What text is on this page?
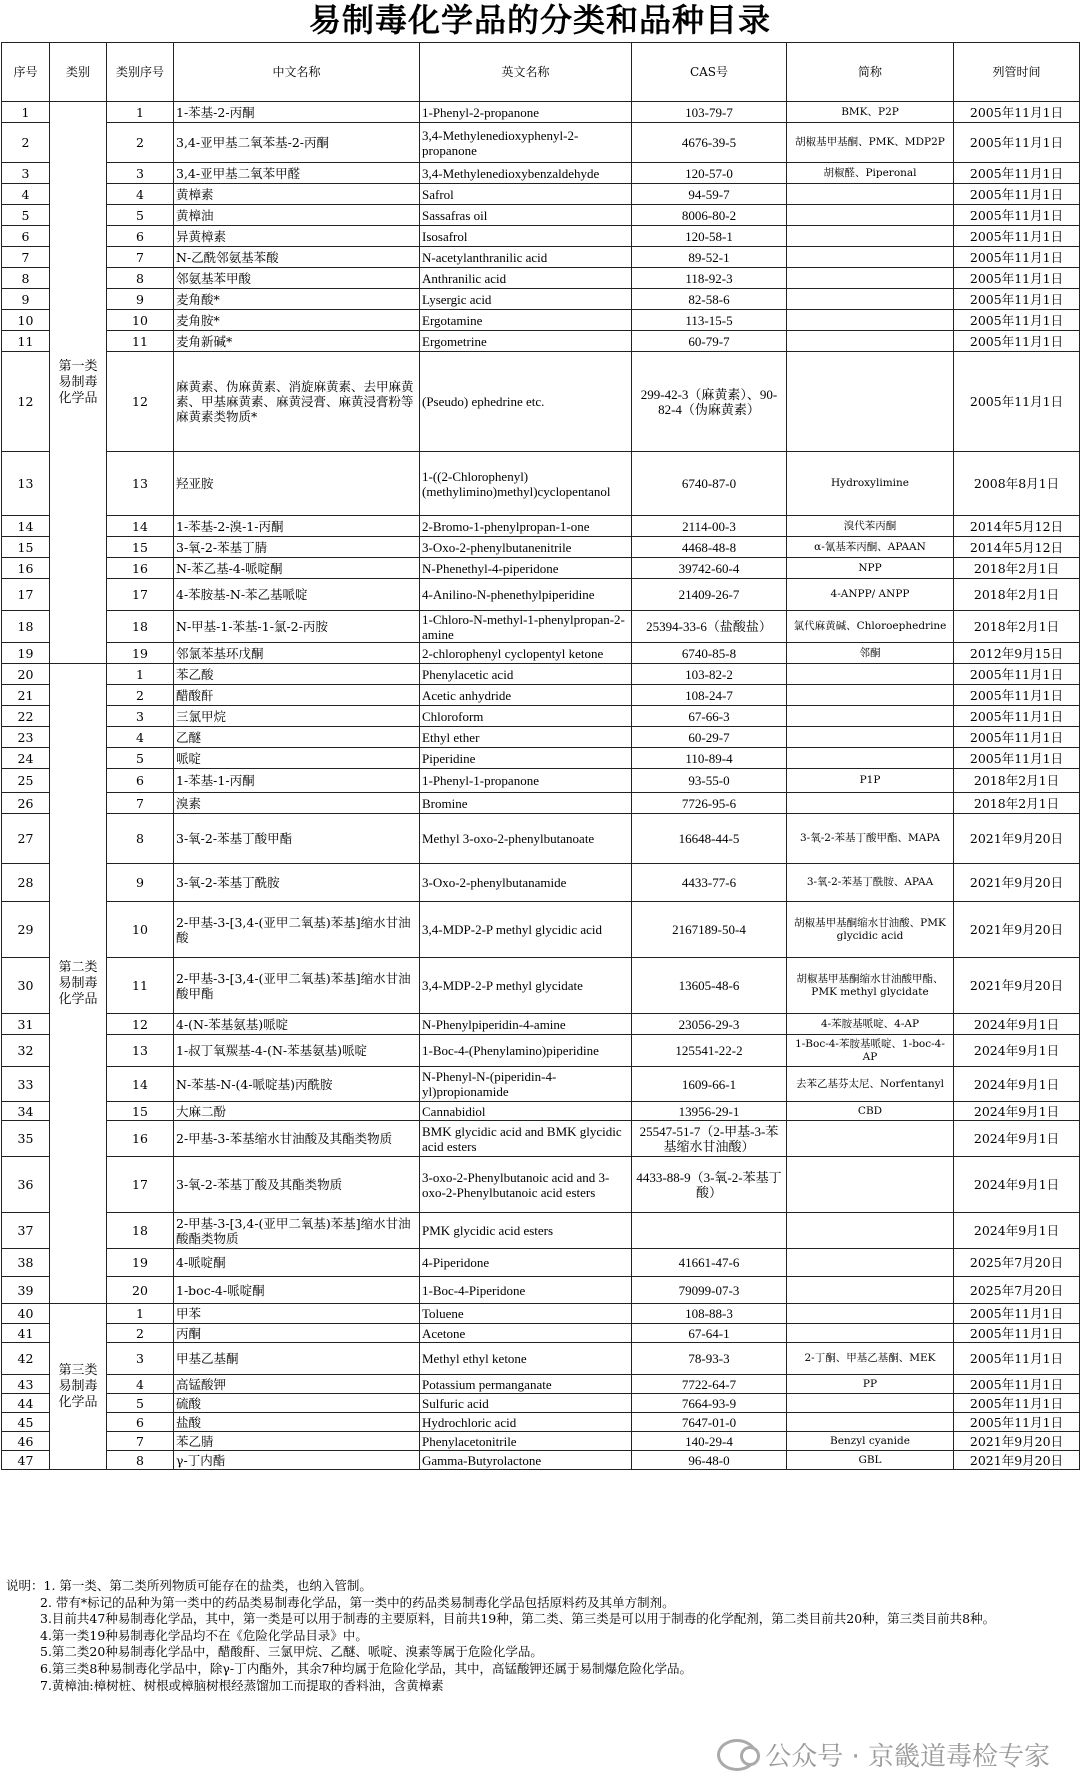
易制毒化学品的分类和品种目录
序号	类别	类别序号	中文名称	英文名称	CAS号	简称	列管时间
1	第一类易制毒化学品	1	1-苯基-2-丙酮	1-Phenyl-2-propanone	103-79-7	BMK、P2P	2005年11月1日
2		2	3,4-亚甲基二氧苯基-2-丙酮	3,4-Methylenedioxyphenyl-2-propanone	4676-39-5	胡椒基甲基酮、PMK、MDP2P	2005年11月1日
3		3	3,4-亚甲基二氧苯甲醛	3,4-Methylenedioxybenzaldehyde	120-57-0	胡椒醛、Piperonal	2005年11月1日
4		4	黄樟素	Safrol	94-59-7		2005年11月1日
5		5	黄樟油	Sassafras oil	8006-80-2		2005年11月1日
6		6	异黄樟素	Isosafrol	120-58-1		2005年11月1日
7		7	N-乙酰邻氨基苯酸	N-acetylanthranilic acid	89-52-1		2005年11月1日
8		8	邻氨基苯甲酸	Anthranilic acid	118-92-3		2005年11月1日
9		9	麦角酸*	Lysergic acid	82-58-6		2005年11月1日
10		10	麦角胺*	Ergotamine	113-15-5		2005年11月1日
11		11	麦角新碱*	Ergometrine	60-79-7		2005年11月1日
12		12	麻黄素、伪麻黄素、消旋麻黄素、去甲麻黄素、甲基麻黄素、麻黄浸膏、麻黄浸膏粉等麻黄素类物质*	(Pseudo) ephedrine etc.	299-42-3（麻黄素）、90-82-4（伪麻黄素）		2005年11月1日
13		13	羟亚胺	1-((2-Chlorophenyl)(methylimino)methyl)cyclopentanol	6740-87-0	Hydroxylimine	2008年8月1日
14		14	1-苯基-2-溴-1-丙酮	2-Bromo-1-phenylpropan-1-one	2114-00-3	溴代苯丙酮	2014年5月12日
15		15	3-氧-2-苯基丁腈	3-Oxo-2-phenylbutanenitrile	4468-48-8	α-氰基苯丙酮、APAAN	2014年5月12日
16		16	N-苯乙基-4-哌啶酮	N-Phenethyl-4-piperidone	39742-60-4	NPP	2018年2月1日
17		17	4-苯胺基-N-苯乙基哌啶	4-Anilino-N-phenethylpiperidine	21409-26-7	4-ANPP/ ANPP	2018年2月1日
18		18	N-甲基-1-苯基-1-氯-2-丙胺	1-Chloro-N-methyl-1-phenylpropan-2-amine	25394-33-6（盐酸盐）	氯代麻黄碱、Chloroephedrine	2018年2月1日
19		19	邻氯苯基环戊酮	2-chlorophenyl cyclopentyl ketone	6740-85-8	邻酮	2012年9月15日
20	第二类易制毒化学品	1	苯乙酸	Phenylacetic acid	103-82-2		2005年11月1日
21		2	醋酸酐	Acetic anhydride	108-24-7		2005年11月1日
22		3	三氯甲烷	Chloroform	67-66-3		2005年11月1日
23		4	乙醚	Ethyl ether	60-29-7		2005年11月1日
24		5	哌啶	Piperidine	110-89-4		2005年11月1日
25		6	1-苯基-1-丙酮	1-Phenyl-1-propanone	93-55-0	P1P	2018年2月1日
26		7	溴素	Bromine	7726-95-6		2018年2月1日
27		8	3-氧-2-苯基丁酸甲酯	Methyl 3-oxo-2-phenylbutanoate	16648-44-5	3-氧-2-苯基丁酸甲酯、MAPA	2021年9月20日
28		9	3-氧-2-苯基丁酰胺	3-Oxo-2-phenylbutanamide	4433-77-6	3-氧-2-苯基丁酰胺、APAA	2021年9月20日
29		10	2-甲基-3-[3,4-(亚甲二氧基)苯基]缩水甘油酸	3,4-MDP-2-P methyl glycidic acid	2167189-50-4	胡椒基甲基酮缩水甘油酸、PMK glycidic acid	2021年9月20日
30		11	2-甲基-3-[3,4-(亚甲二氧基)苯基]缩水甘油酸甲酯	3,4-MDP-2-P methyl glycidate	13605-48-6	胡椒基甲基酮缩水甘油酸甲酯、PMK methyl glycidate	2021年9月20日
31		12	4-(N-苯基氨基)哌啶	N-Phenylpiperidin-4-amine	23056-29-3	4-苯胺基哌啶、4-AP	2024年9月1日
32		13	1-叔丁氧羰基-4-(N-苯基氨基)哌啶	1-Boc-4-(Phenylamino)piperidine	125541-22-2	1-Boc-4-苯胺基哌啶、1-boc-4-AP	2024年9月1日
33		14	N-苯基-N-(4-哌啶基)丙酰胺	N-Phenyl-N-(piperidin-4-yl)propionamide	1609-66-1	去苯乙基芬太尼、Norfentanyl	2024年9月1日
34		15	大麻二酚	Cannabidiol	13956-29-1	CBD	2024年9月1日
35		16	2-甲基-3-苯基缩水甘油酸及其酯类物质	BMK glycidic acid and BMK glycidic acid esters	25547-51-7（2-甲基-3-苯基缩水甘油酸）		2024年9月1日
36		17	3-氧-2-苯基丁酸及其酯类物质	3-oxo-2-Phenylbutanoic acid and 3-oxo-2-Phenylbutanoic acid esters	4433-88-9（3-氧-2-苯基丁酸）		2024年9月1日
37		18	2-甲基-3-[3,4-(亚甲二氧基)苯基]缩水甘油酸酯类物质	PMK glycidic acid esters			2024年9月1日
38		19	4-哌啶酮	4-Piperidone	41661-47-6		2025年7月20日
39		20	1-boc-4-哌啶酮	1-Boc-4-Piperidone	79099-07-3		2025年7月20日
40	第三类易制毒化学品	1	甲苯	Toluene	108-88-3		2005年11月1日
41		2	丙酮	Acetone	67-64-1		2005年11月1日
42		3	甲基乙基酮	Methyl ethyl ketone	78-93-3	2-丁酮、甲基乙基酮、MEK	2005年11月1日
43		4	高锰酸钾	Potassium permanganate	7722-64-7	PP	2005年11月1日
44		5	硫酸	Sulfuric acid	7664-93-9		2005年11月1日
45		6	盐酸	Hydrochloric acid	7647-01-0		2005年11月1日
46		7	苯乙腈	Phenylacetonitrile	140-29-4	Benzyl cyanide	2021年9月20日
47		8	γ-丁内酯	Gamma-Butyrolactone	96-48-0	GBL	2021年9月20日
说明：1. 第一类、第二类所列物质可能存在的盐类，也纳入管制。
2. 带有*标记的品种为第一类中的药品类易制毒化学品，第一类中的药品类易制毒化学品包括原料药及其单方制剂。
3.目前共47种易制毒化学品，其中，第一类是可以用于制毒的主要原料，目前共19种，第二类、第三类是可以用于制毒的化学配剂，第二类目前共20种，第三类目前共8种。
4.第一类19种易制毒化学品均不在《危险化学品目录》中。
5.第二类20种易制毒化学品中，醋酸酐、三氯甲烷、乙醚、哌啶、溴素等属于危险化学品。
6.第三类8种易制毒化学品中，除γ-丁内酯外，其余7种均属于危险化学品，其中，高锰酸钾还属于易制爆危险化学品。
7.黄樟油:樟树桩、树根或樟脑树根经蒸馏加工而提取的香料油，含黄樟素
公众号 · 京畿道毒检专家
